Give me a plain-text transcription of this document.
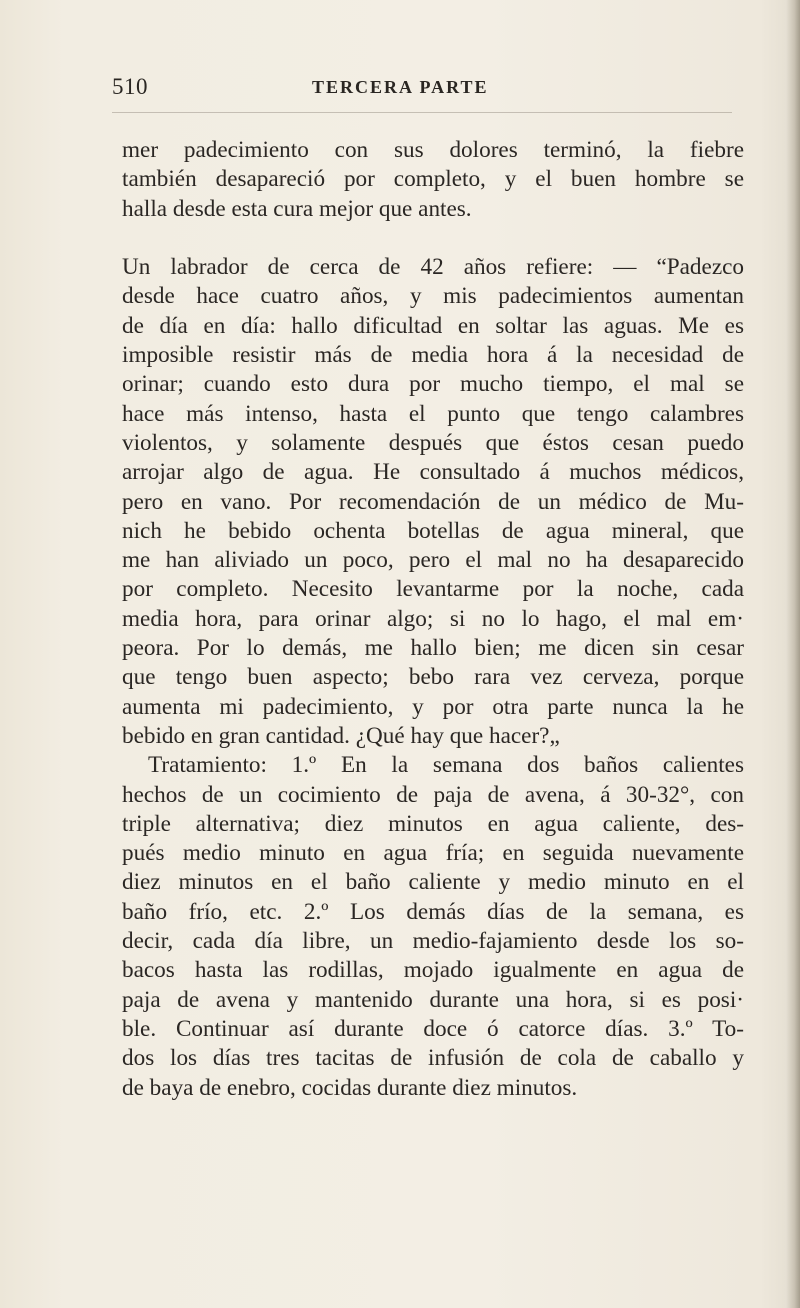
510	TERCERA PARTE
mer padecimiento con sus dolores terminó, la fiebre
también desapareció por completo, y el buen hombre se
halla desde esta cura mejor que antes.
Un labrador de cerca de 42 años refiere: — “Padezco
desde hace cuatro años, y mis padecimientos aumentan
de día en día: hallo dificultad en soltar las aguas. Me es
imposible resistir más de media hora á la necesidad de
orinar; cuando esto dura por mucho tiempo, el mal se
hace más intenso, hasta el punto que tengo calambres
violentos, y solamente después que éstos cesan puedo
arrojar algo de agua. He consultado á muchos médicos,
pero en vano. Por recomendación de un médico de Mu-
nich he bebido ochenta botellas de agua mineral, que
me han aliviado un poco, pero el mal no ha desaparecido
por completo. Necesito levantarme por la noche, cada
media hora, para orinar algo; si no lo hago, el mal em·
peora. Por lo demás, me hallo bien; me dicen sin cesar
que tengo buen aspecto; bebo rara vez cerveza, porque
aumenta mi padecimiento, y por otra parte nunca la he
bebido en gran cantidad. ¿Qué hay que hacer?„
Tratamiento: 1.º En la semana dos baños calientes
hechos de un cocimiento de paja de avena, á 30-32°, con
triple alternativa; diez minutos en agua caliente, des-
pués medio minuto en agua fría; en seguida nuevamente
diez minutos en el baño caliente y medio minuto en el
baño frío, etc. 2.º Los demás días de la semana, es
decir, cada día libre, un medio-fajamiento desde los so-
bacos hasta las rodillas, mojado igualmente en agua de
paja de avena y mantenido durante una hora, si es posi·
ble. Continuar así durante doce ó catorce días. 3.º To-
dos los días tres tacitas de infusión de cola de caballo y
de baya de enebro, cocidas durante diez minutos.
